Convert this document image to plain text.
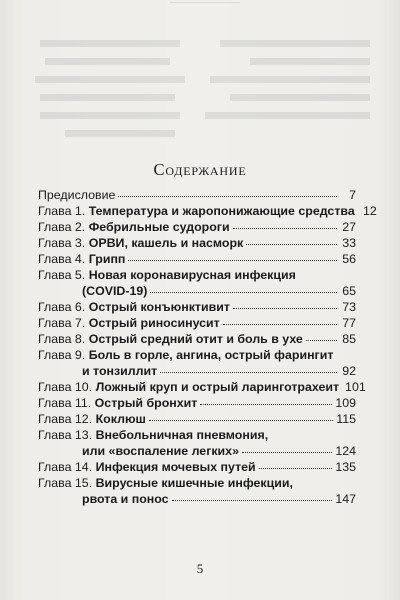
Содержание
Предисловие	7
Глава 1. Температура и жаропонижающие средства 12
Глава 2. Фебрильные судороги	27
Глава 3. ОРВИ, кашель и насморк	33
Глава 4. Грипп	56
Глава 5. Новая коронавирусная инфекция
(COVID-19)	65
Глава 6. Острый конъюнктивит	73
Глава 7. Острый риносинусит	77
Глава 8. Острый средний отит и боль в ухе	85
Глава 9. Боль в горле, ангина, острый фарингит
и тонзиллит	92
Глава 10. Ложный круп и острый ларинготрахеит 101
Глава 11. Острый бронхит	109
Глава 12. Коклюш	115
Глава 13. Внебольничная пневмония,
или «воспаление легких»	124
Глава 14. Инфекция мочевых путей	135
Глава 15. Вирусные кишечные инфекции,
рвота и понос	147
5
